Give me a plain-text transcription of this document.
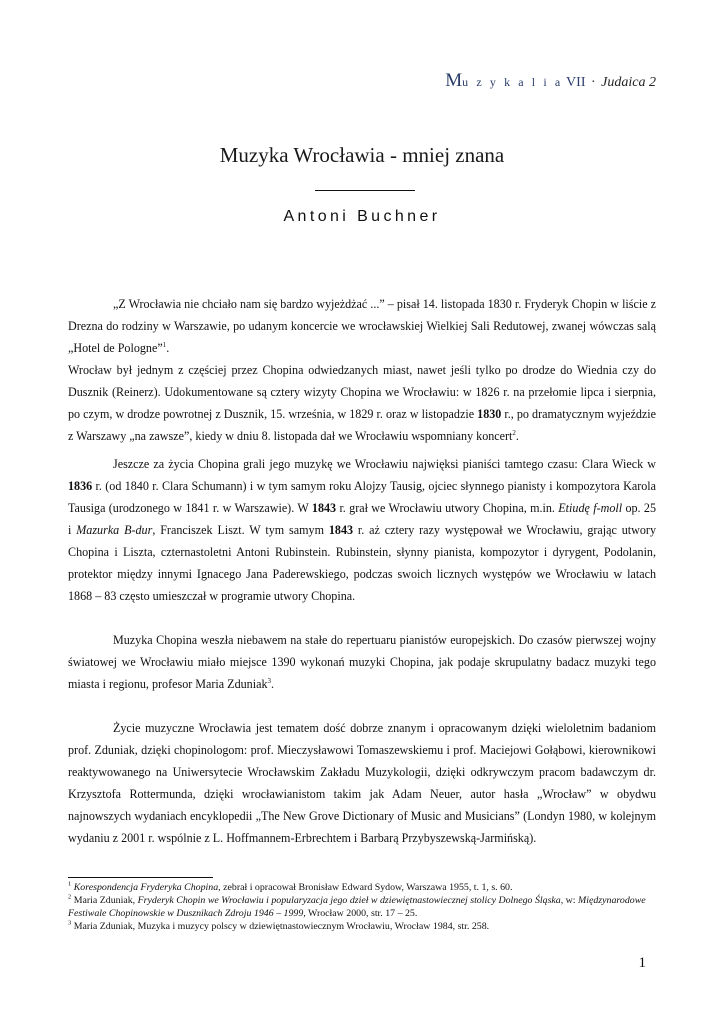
Mu z y k a l i a VII · Judaica 2
Muzyka Wrocławia - mniej znana
Antoni Buchner

„Z Wrocławia nie chciało nam się bardzo wyjeżdżać ...” – pisał 14. listopada 1830 r. Fryderyk Chopin w liście z Drezna do rodziny w Warszawie, po udanym koncercie we wrocławskiej Wielkiej Sali Redutowej, zwanej wówczas salą „Hotel de Pologne”$^1$.

Wrocław był jednym z częściej przez Chopina odwiedzanych miast, nawet jeśli tylko po drodze do Wiednia czy do Dusznik (Reinerz). Udokumentowane są cztery wizyty Chopina we Wrocławiu: w 1826 r. na przełomie lipca i sierpnia, po czym, w drodze powrotnej z Dusznik, 15. września, w 1829 r. oraz w listopadzie 1830 r., po dramatycznym wyjeździe z Warszawy „na zawsze”, kiedy w dniu 8. listopada dał we Wrocławiu wspomniany koncert$^2$.

Jeszcze za życia Chopina grali jego muzykę we Wrocławiu najwięksi pianiści tamtego czasu: Clara Wieck w 1836 r. (od 1840 r. Clara Schumann) i w tym samym roku Alojzy Tausig, ojciec słynnego pianisty i kompozytora Karola Tausiga (urodzonego w 1841 r. w Warszawie). W 1843 r. grał we Wrocławiu utwory Chopina, m.in. Etiudę f-moll op. 25 i Mazurka B-dur, Franciszek Liszt. W tym samym 1843 r. aż cztery razy występował we Wrocławiu, grając utwory Chopina i Liszta, czternastoletni Antoni Rubinstein. Rubinstein, słynny pianista, kompozytor i dyrygent, Podolanin, protektor między innymi Ignacego Jana Paderewskiego, podczas swoich licznych występów we Wrocławiu w latach 1868 – 83 często umieszczał w programie utwory Chopina.

Muzyka Chopina weszła niebawem na stałe do repertuaru pianistów europejskich. Do czasów pierwszej wojny światowej we Wrocławiu miało miejsce 1390 wykonań muzyki Chopina, jak podaje skrupulatny badacz muzyki tego miasta i regionu, profesor Maria Zduniak$^3$.

Życie muzyczne Wrocławia jest tematem dość dobrze znanym i opracowanym dzięki wieloletnim badaniom prof. Zduniak, dzięki chopinologom: prof. Mieczysławowi Tomaszewskiemu i prof. Maciejowi Gołąbowi, kierownikowi reaktywowanego na Uniwersytecie Wrocławskim Zakładu Muzykologii, dzięki odkrywczym pracom badawczym dr. Krzysztofa Rottermunda, dzięki wrocławianistom takim jak Adam Neuer, autor hasła „Wrocław” w obydwu najnowszych wydaniach encyklopedii „The New Grove Dictionary of Music and Musicians” (Londyn 1980, w kolejnym wydaniu z 2001 r. wspólnie z L. Hoffmannem-Erbrechtem i Barbarą Przybyszewską-Jarmińską).

$^1$ Korespondencja Fryderyka Chopina, zebrał i opracował Bronisław Edward Sydow, Warszawa 1955, t. 1, s. 60.

$^2$ Maria Zduniak, Fryderyk Chopin we Wrocławiu i popularyzacja jego dzieł w dziewiętnastowiecznej stolicy Dolnego Śląska, w: Międzynarodowe Festiwale Chopinowskie w Dusznikach Zdroju 1946 – 1999, Wrocław 2000, str. 17 – 25.

$^3$ Maria Zduniak, Muzyka i muzycy polscy w dziewiętnastowiecznym Wrocławiu, Wrocław 1984, str. 258.

1
